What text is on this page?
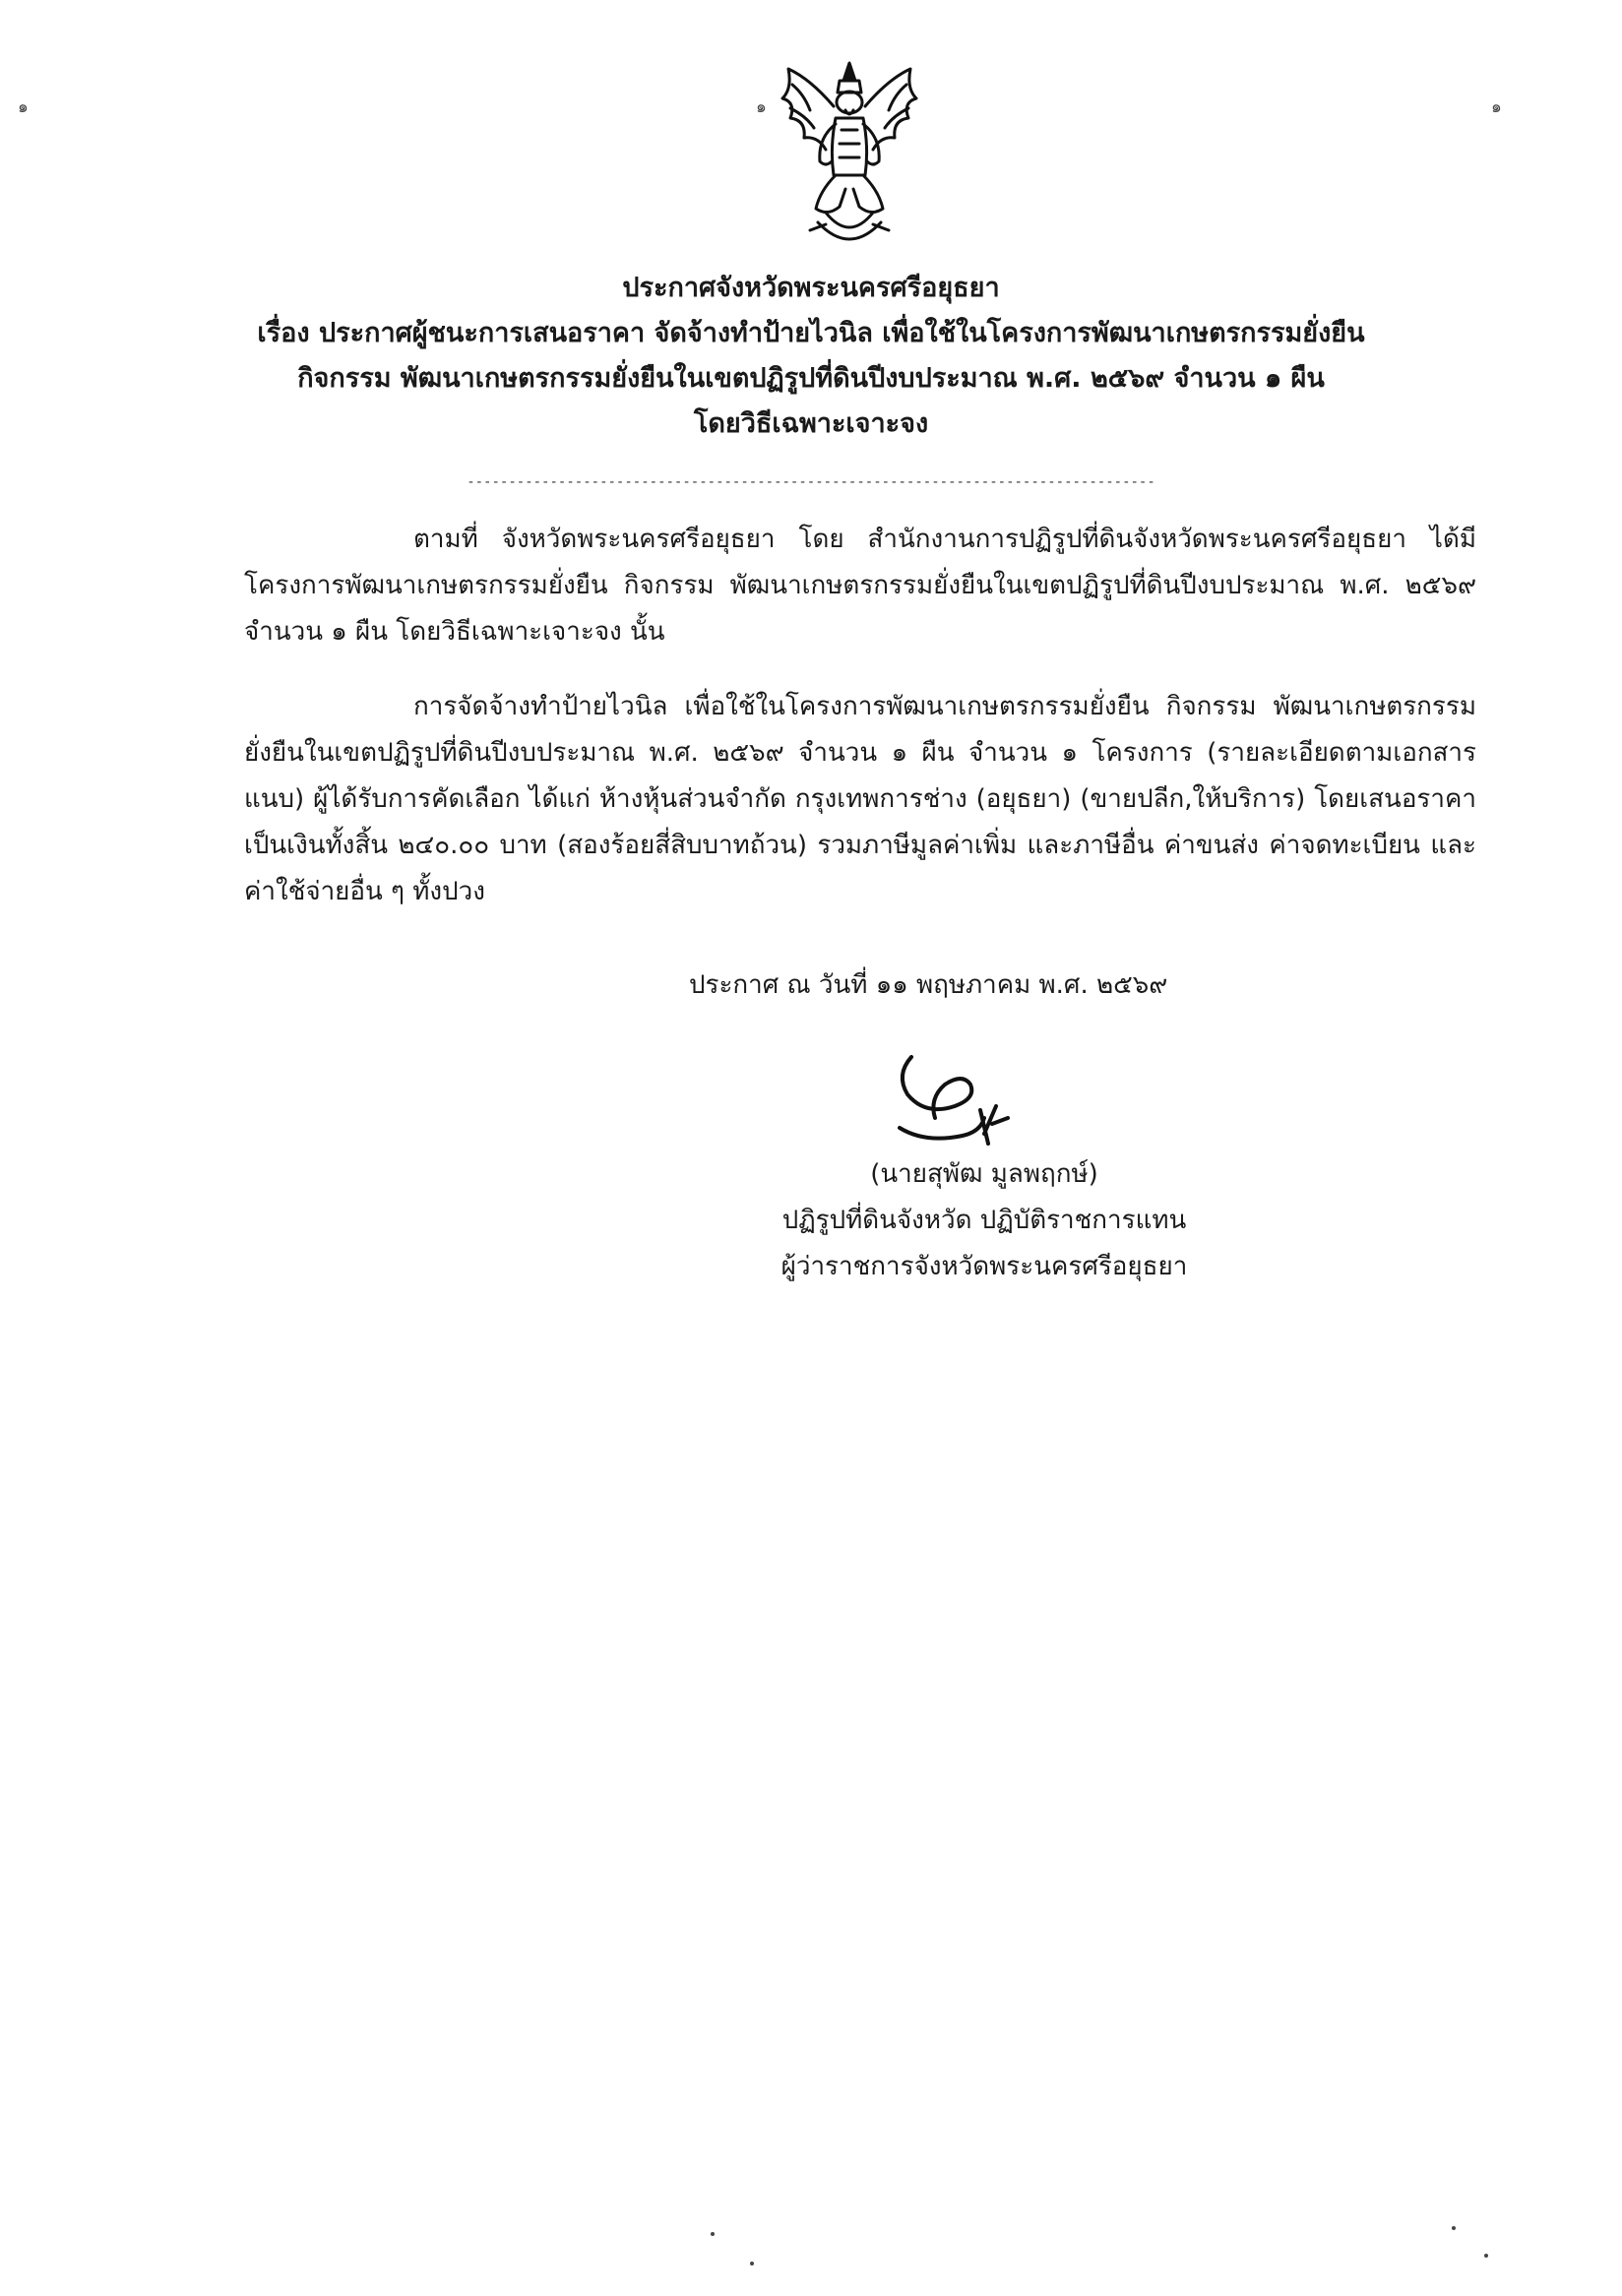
๑	๑	๑
ประกาศจังหวัดพระนครศรีอยุธยา
เรื่อง ประกาศผู้ชนะการเสนอราคา จัดจ้างทำป้ายไวนิล เพื่อใช้ในโครงการพัฒนาเกษตรกรรมยั่งยืน
กิจกรรม พัฒนาเกษตรกรรมยั่งยืนในเขตปฏิรูปที่ดินปีงบประมาณ พ.ศ. ๒๕๖๙ จำนวน ๑ ผืน
โดยวิธีเฉพาะเจาะจง
-----------------------------------------------------------------------------------
ตามที่ จังหวัดพระนครศรีอยุธยา โดย สำนักงานการปฏิรูปที่ดินจังหวัดพระนครศรีอยุธยา ได้มีโครงการพัฒนาเกษตรกรรมยั่งยืน กิจกรรม พัฒนาเกษตรกรรมยั่งยืนในเขตปฏิรูปที่ดินปีงบประมาณ พ.ศ. ๒๕๖๙ จำนวน ๑ ผืน โดยวิธีเฉพาะเจาะจง นั้น
การจัดจ้างทำป้ายไวนิล เพื่อใช้ในโครงการพัฒนาเกษตรกรรมยั่งยืน กิจกรรม พัฒนาเกษตรกรรมยั่งยืนในเขตปฏิรูปที่ดินปีงบประมาณ พ.ศ. ๒๕๖๙ จำนวน ๑ ผืน จำนวน ๑ โครงการ (รายละเอียดตามเอกสารแนบ) ผู้ได้รับการคัดเลือก ได้แก่ ห้างหุ้นส่วนจำกัด กรุงเทพการช่าง (อยุธยา) (ขายปลีก,ให้บริการ) โดยเสนอราคาเป็นเงินทั้งสิ้น ๒๔๐.๐๐ บาท (สองร้อยสี่สิบบาทถ้วน) รวมภาษีมูลค่าเพิ่ม และภาษีอื่น ค่าขนส่ง ค่าจดทะเบียน และค่าใช้จ่ายอื่น ๆ ทั้งปวง
ประกาศ ณ วันที่ ๑๑ พฤษภาคม พ.ศ. ๒๕๖๙
(นายสุพัฒ มูลพฤกษ์)
ปฏิรูปที่ดินจังหวัด ปฏิบัติราชการแทน
ผู้ว่าราชการจังหวัดพระนครศรีอยุธยา
